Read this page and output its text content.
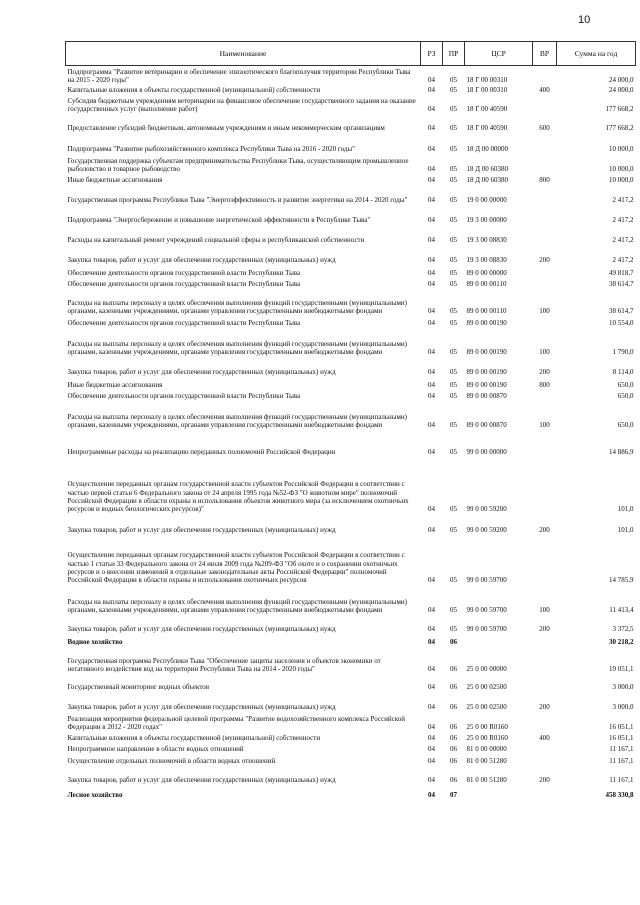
10
Наименование	РЗ	ПР	ЦСР	ВР	Сумма на год
Подпрограмма "Развитие ветеринарии и обеспечение эпизоотического благополучия территории Республики Тыва на 2015 - 2020 годы"	04	05	18 Г 00 00310		24 000,0
Капитальные вложения в объекты государственной (муниципальной) собственности	04	05	18 Г 00 00310	400	24 000,0
Субсидия бюджетным учреждениям ветеринарии на финансовое обеспечение государственного задания на оказание государственных услуг (выполнение работ)	04	05	18 Г 00 40590		177 668,2
Предоставление субсидий бюджетным, автономным учреждениям и иным некоммерческим организациям	04	05	18 Г 00 40590	600	177 668,2
Подпрограмма "Развитие рыбохозяйственного комплекса Республики Тыва на 2016 - 2020 годы"	04	05	18 Д 00 00000		10 000,0
Государственная поддержка субъектам предпринимательства Республики Тыва, осуществляющим промышленное рыболовство и товарное рыбоводство	04	05	18 Д 00 60380		10 000,0
Иные бюджетные ассигнования	04	05	18 Д 00 60380	800	10 000,0
Государственная программа Республики Тыва "Энергоэффективность и развитие энергетики на 2014 - 2020 годы"	04	05	19 0 00 00000		2 417,2
Подпрограмма "Энергосбережение и повышение энергетической эффективности в Республике Тыва"	04	05	19 3 00 00000		2 417,2
Расходы на капитальный ремонт учреждений социальной сферы и республиканской собственности	04	05	19 3 00 08830		2 417,2
Закупка товаров, работ и услуг для обеспечения государственных (муниципальных) нужд	04	05	19 3 00 08830	200	2 417,2
Обеспечение деятельности органов государственной власти Республики Тыва	04	05	89 0 00 00000		49 818,7
Обеспечение деятельности органов государственной власти Республики Тыва	04	05	89 0 00 00110		38 614,7
Расходы на выплаты персоналу в целях обеспечения выполнения функций государственными (муниципальными) органами, казенными учреждениями, органами управления государственными внебюджетными фондами	04	05	89 0 00 00110	100	38 614,7
Обеспечение деятельности органов государственной власти Республики Тыва	04	05	89 0 00 00190		10 554,0
Расходы на выплаты персоналу в целях обеспечения выполнения функций государственными (муниципальными) органами, казенными учреждениями, органами управления государственными внебюджетными фондами	04	05	89 0 00 00190	100	1 790,0
Закупка товаров, работ и услуг для обеспечения государственных (муниципальных) нужд	04	05	89 0 00 00190	200	8 114,0
Иные бюджетные ассигнования	04	05	89 0 00 00190	800	650,0
Обеспечение деятельности органов государственной власти Республики Тыва	04	05	89 0 00 00870		650,0
Расходы на выплаты персоналу в целях обеспечения выполнения функций государственными (муниципальными) органами, казенными учреждениями, органами управления государственными внебюджетными фондами	04	05	89 0 00 00870	100	650,0
Непрограммные расходы на реализацию переданных полномочий Российской Федерации	04	05	99 0 00 00000		14 886,9
Осуществление переданных органам государственной власти субъектов Российской Федерации в соответствии с частью первой статьи 6 Федерального закона от 24 апреля 1995 года №52-ФЗ "О животном мире" полномочий Российской Федерации в области охраны и использования объектов животного мира (за исключением охотничьих ресурсов и водных биологических ресурсов)"	04	05	99 0 00 59200		101,0
Закупка товаров, работ и услуг для обеспечения государственных (муниципальных) нужд	04	05	99 0 00 59200	200	101,0
Осуществление переданных органам государственной власти субъектов Российской Федерации в соответствии с частью 1 статьи 33 Федерального закона от 24 июля 2009 года №209-ФЗ "Об охоте и о сохранении охотничьих ресурсов и о внесении изменений в отдельные законодательные акты Российской Федерации" полномочий Российской Федерации в области охраны и использования охотничьих ресурсов	04	05	99 0 00 59700		14 785,9
Расходы на выплаты персоналу в целях обеспечения выполнения функций государственными (муниципальными) органами, казенными учреждениями, органами управления государственными внебюджетными фондами	04	05	99 0 00 59700	100	11 413,4
Закупка товаров, работ и услуг для обеспечения государственных (муниципальных) нужд	04	05	99 0 00 59700	200	3 372,5
Водное хозяйство	04	06			30 218,2
Государственная программа Республики Тыва "Обеспечение защиты населения и объектов экономики от негативного воздействия вод на территории Республики Тыва на 2014 - 2020 годы"	04	06	25 0 00 00000		19 051,1
Государственный мониторинг водных объектов	04	06	25 0 00 02500		3 000,0
Закупка товаров, работ и услуг для обеспечения государственных (муниципальных) нужд	04	06	25 0 00 02500	200	3 000,0
Реализация мероприятия федеральной целевой программы "Развитие водохозяйственного комплекса Российской Федерации в 2012 - 2020 годах"	04	06	25 0 00 R0160		16 051,1
Капитальные вложения в объекты государственной (муниципальной) собственности	04	06	25 0 00 R0160	400	16 051,1
Непрограммное направление в области водных отношений	04	06	81 0 00 00000		11 167,1
Осуществление отдельных полномочий в области водных отношений	04	06	81 0 00 51280		11 167,1
Закупка товаров, работ и услуг для обеспечения государственных (муниципальных) нужд	04	06	81 0 00 51280	200	11 167,1
Лесное хозяйство	04	07			458 330,8
